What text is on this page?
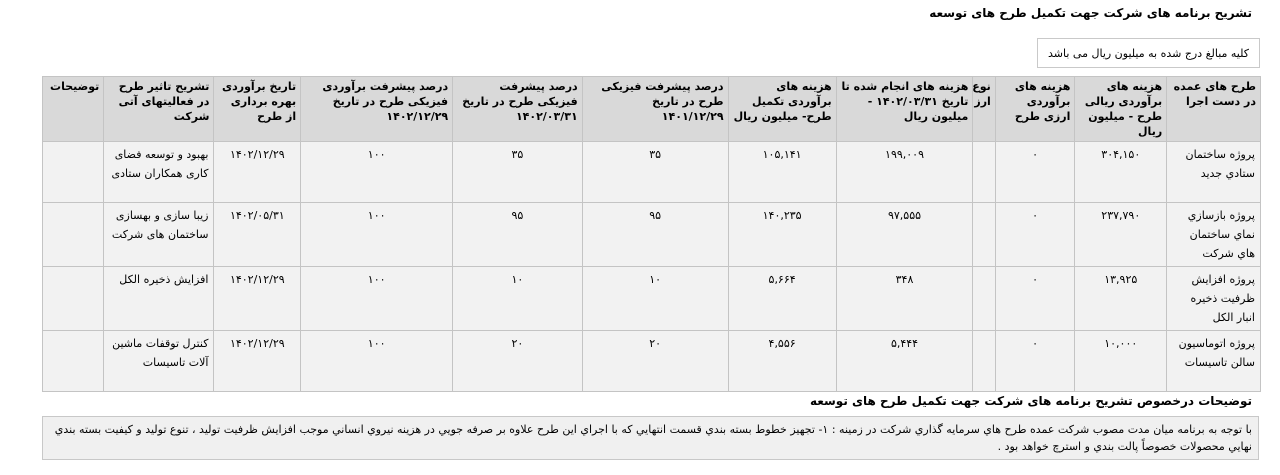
تشریح برنامه های شرکت جهت تکمیل طرح های توسعه
کلیه مبالغ درج شده به میلیون ریال می باشد
طرح های عمده در دست اجرا	هزینه های برآوردی ریالی طرح - میلیون ریال	هزینه های برآوردی ارزی طرح	نوع ارز	هزینه های انجام شده تا تاریخ ۱۴۰۲/۰۳/۳۱ - میلیون ریال	هزینه های برآوردی تکمیل طرح- میلیون ریال	درصد پیشرفت فیزیکی طرح در تاریخ ۱۴۰۱/۱۲/۲۹	درصد پیشرفت فیزیکی طرح در تاریخ ۱۴۰۲/۰۳/۳۱	درصد پیشرفت برآوردی فیزیکی طرح در تاریخ ۱۴۰۲/۱۲/۲۹	تاریخ برآوردی بهره برداری از طرح	تشریح تاثیر طرح در فعالیتهای آتی شرکت	توضیحات
پروژه ساختمان ستادي جديد	۳۰۴,۱۵۰	۰		۱۹۹,۰۰۹	۱۰۵,۱۴۱	۳۵	۳۵	۱۰۰	۱۴۰۲/۱۲/۲۹	بهبود و توسعه فضای کاری همکاران ستادی	
پروژه بازسازي نماي ساختمان هاي شركت	۲۳۷,۷۹۰	۰		۹۷,۵۵۵	۱۴۰,۲۳۵	۹۵	۹۵	۱۰۰	۱۴۰۲/۰۵/۳۱	زیبا سازی و بهسازی ساختمان های شرکت	
پروژه افزايش ظرفيت ذخيره انبار الكل	۱۳,۹۲۵	۰		۳۴۸	۵,۶۶۴	۱۰	۱۰	۱۰۰	۱۴۰۲/۱۲/۲۹	افزایش ذخیره الکل	
پروژه اتوماسیون سالن تاسیسات	۱۰,۰۰۰	۰		۵,۴۴۴	۴,۵۵۶	۲۰	۲۰	۱۰۰	۱۴۰۲/۱۲/۲۹	کنترل توقفات ماشین آلات تاسیسات	
توضیحات درخصوص تشریح برنامه های شرکت جهت تکمیل طرح های توسعه
با توجه به برنامه ميان مدت مصوب شركت عمده طرح هاي سرمايه گذاري شركت در زمينه : ۱- تجهيز خطوط بسته بندي قسمت انتهايي كه با اجراي اين طرح علاوه بر صرفه جويي در هزينه نيروي انساني موجب افزايش ظرفيت توليد ، تنوع توليد و كيفيت بسته بندي نهايي محصولات خصوصاً پالت بندي و استرچ خواهد بود .
